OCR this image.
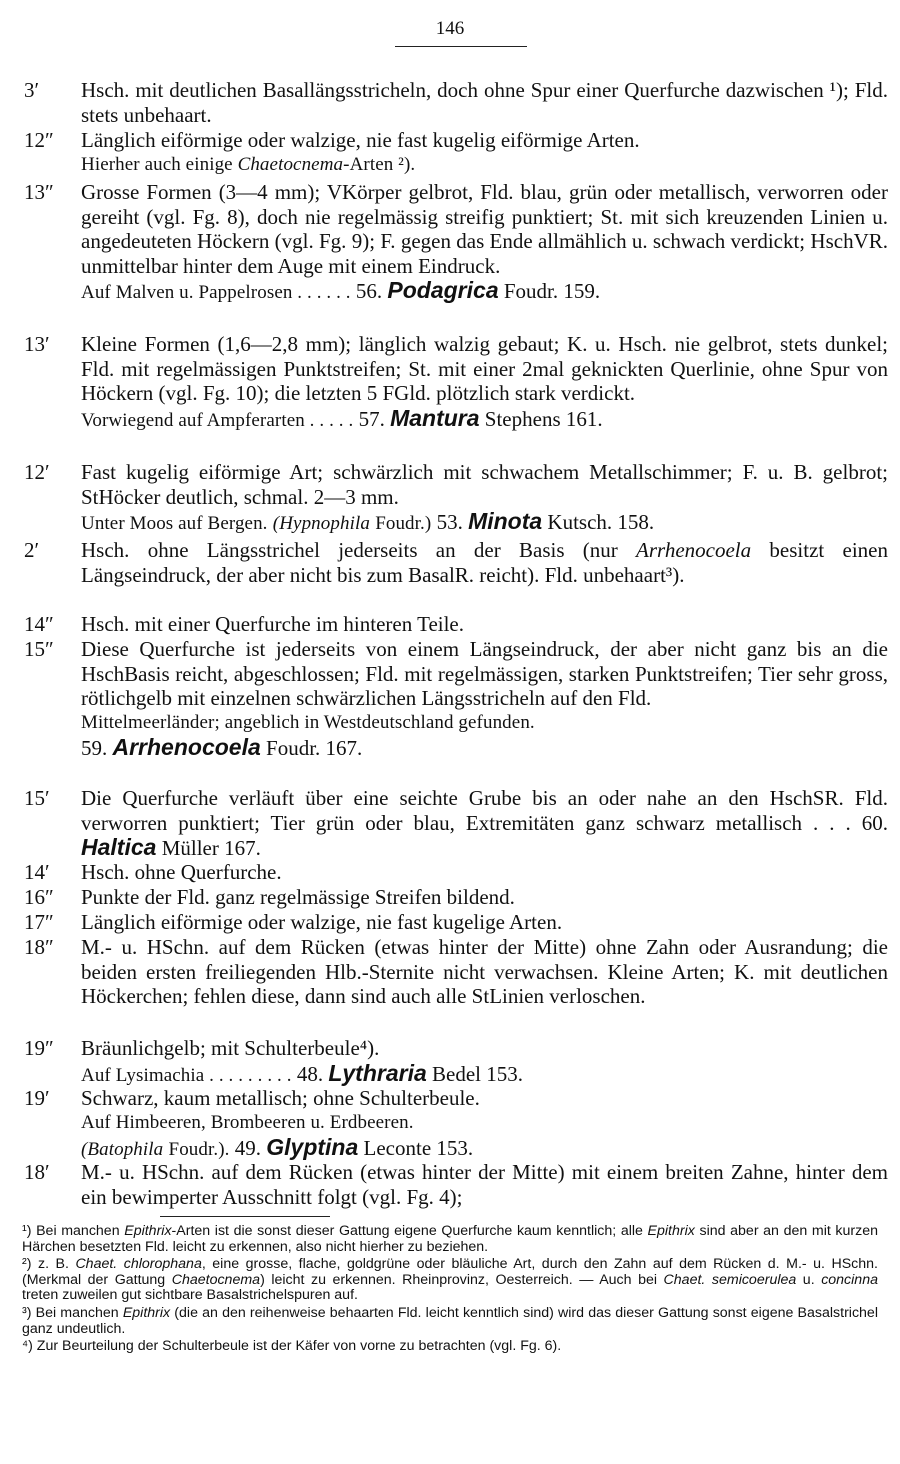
146
3′	Hsch. mit deutlichen Basallängsstricheln, doch ohne Spur einer Querfurche dazwischen ¹); Fld. stets unbehaart.
12″	Länglich eiförmige oder walzige, nie fast kugelig eiförmige Arten.
Hierher auch einige Chaetocnema-Arten ²).
13″	Grosse Formen (3—4 mm); VKörper gelbrot, Fld. blau, grün oder metallisch, verworren oder gereiht (vgl. Fg. 8), doch nie regelmässig streifig punktiert; St. mit sich kreuzenden Linien u. angedeuteten Höckern (vgl. Fg. 9); F. gegen das Ende allmählich u. schwach verdickt; HschVR. unmittelbar hinter dem Auge mit einem Eindruck.
Auf Malven u. Pappelrosen . . . . . . 56. Podagrica Foudr. 159.
13′	Kleine Formen (1,6—2,8 mm); länglich walzig gebaut; K. u. Hsch. nie gelbrot, stets dunkel; Fld. mit regelmässigen Punktstreifen; St. mit einer 2mal geknickten Querlinie, ohne Spur von Höckern (vgl. Fg. 10); die letzten 5 FGld. plötzlich stark verdickt.
Vorwiegend auf Ampferarten . . . . . 57. Mantura Stephens 161.
12′	Fast kugelig eiförmige Art; schwärzlich mit schwachem Metallschimmer; F. u. B. gelbrot; StHöcker deutlich, schmal. 2—3 mm.
Unter Moos auf Bergen. (Hypnophila Foudr.) 53. Minota Kutsch. 158.
2′	Hsch. ohne Längsstrichel jederseits an der Basis (nur Arrhenocoela besitzt einen Längseindruck, der aber nicht bis zum BasalR. reicht). Fld. unbehaart³).
14″	Hsch. mit einer Querfurche im hinteren Teile.
15″	Diese Querfurche ist jederseits von einem Längseindruck, der aber nicht ganz bis an die HschBasis reicht, abgeschlossen; Fld. mit regelmässigen, starken Punktstreifen; Tier sehr gross, rötlichgelb mit einzelnen schwärzlichen Längsstricheln auf den Fld.
Mittelmeerländer; angeblich in Westdeutschland gefunden.
59. Arrhenocoela Foudr. 167.
15′	Die Querfurche verläuft über eine seichte Grube bis an oder nahe an den HschSR. Fld. verworren punktiert; Tier grün oder blau, Extremitäten ganz schwarz metallisch . . . 60. Haltica Müller 167.
14′	Hsch. ohne Querfurche.
16″	Punkte der Fld. ganz regelmässige Streifen bildend.
17″	Länglich eiförmige oder walzige, nie fast kugelige Arten.
18″	M.- u. HSchn. auf dem Rücken (etwas hinter der Mitte) ohne Zahn oder Ausrandung; die beiden ersten freiliegenden Hlb.-Sternite nicht verwachsen. Kleine Arten; K. mit deutlichen Höckerchen; fehlen diese, dann sind auch alle StLinien verloschen.
19″	Bräunlichgelb; mit Schulterbeule⁴).
Auf Lysimachia . . . . . . . . . 48. Lythraria Bedel 153.
19′	Schwarz, kaum metallisch; ohne Schulterbeule.
Auf Himbeeren, Brombeeren u. Erdbeeren.
(Batophila Foudr.). 49. Glyptina Leconte 153.
18′	M.- u. HSchn. auf dem Rücken (etwas hinter der Mitte) mit einem breiten Zahne, hinter dem ein bewimperter Ausschnitt folgt (vgl. Fg. 4);
¹) Bei manchen Epithrix-Arten ist die sonst dieser Gattung eigene Querfurche kaum kenntlich; alle Epithrix sind aber an den mit kurzen Härchen besetzten Fld. leicht zu erkennen, also nicht hierher zu beziehen.
²) z. B. Chaet. chlorophana, eine grosse, flache, goldgrüne oder bläuliche Art, durch den Zahn auf dem Rücken d. M.- u. HSchn. (Merkmal der Gattung Chaetocnema) leicht zu erkennen. Rheinprovinz, Oesterreich. — Auch bei Chaet. semicoerulea u. concinna treten zuweilen gut sichtbare Basalstrichelspuren auf.
³) Bei manchen Epithrix (die an den reihenweise behaarten Fld. leicht kenntlich sind) wird das dieser Gattung sonst eigene Basalstrichel ganz undeutlich.
⁴) Zur Beurteilung der Schulterbeule ist der Käfer von vorne zu betrachten (vgl. Fg. 6).
